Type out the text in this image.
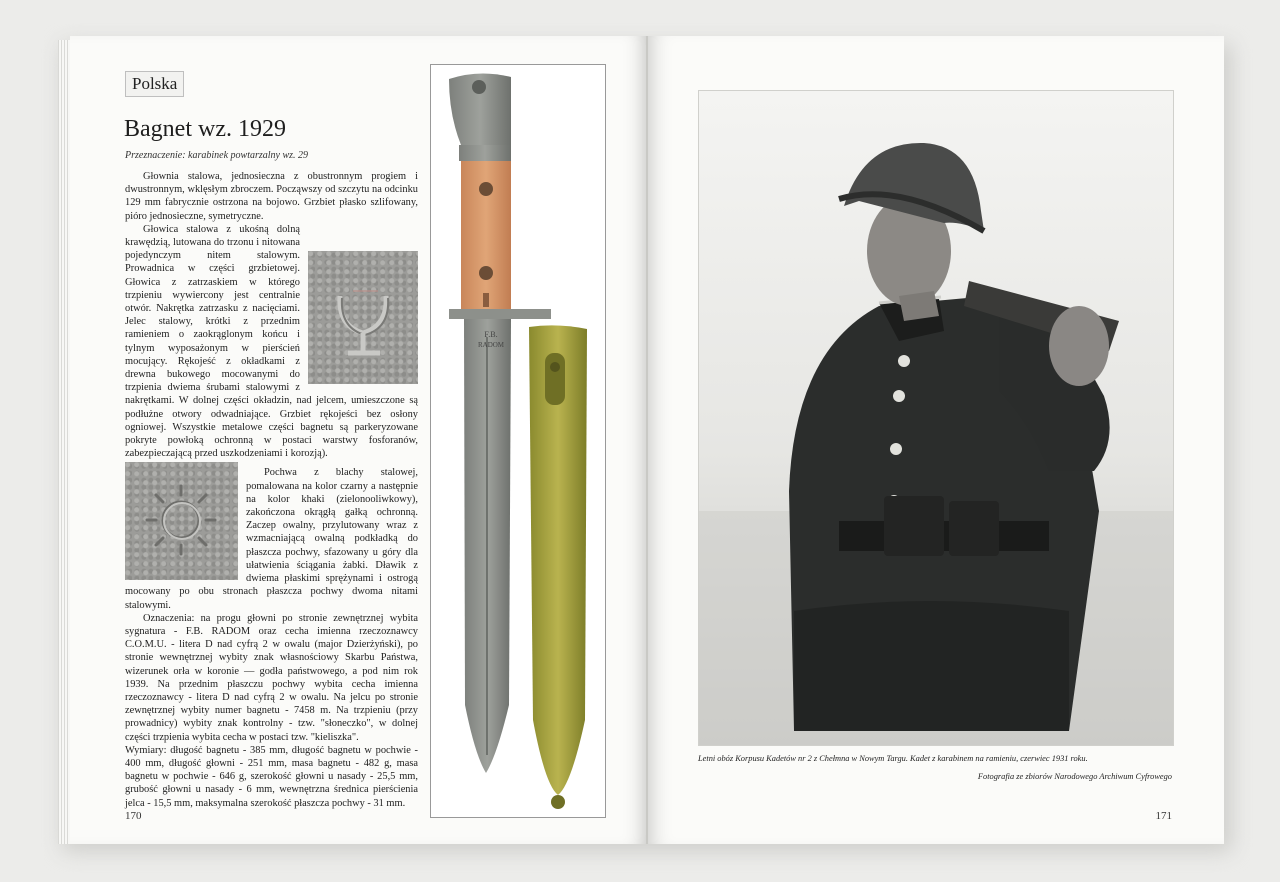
Polska
Bagnet wz. 1929
Przeznaczenie: karabinek powtarzalny wz. 29

Głownia stalowa, jednosieczna z obustronnym progiem i dwustronnym, wklęsłym zbroczem. Począwszy od szczytu na odcinku 129 mm fabrycznie ostrzona na bojowo. Grzbiet płasko szlifowany, pióro jednosieczne, symetryczne.

Głowica stalowa z ukośną dolną krawędzią, lutowana do trzonu i nitowana pojedynczym nitem stalowym. Prowadnica w części grzbietowej. Głowica z zatrzaskiem w którego trzpieniu wywiercony jest centralnie otwór. Nakrętka zatrzasku z nacięciami. Jelec stalowy, krótki z przednim ramieniem o zaokrąglonym końcu i tylnym wyposażonym w pierścień mocujący. Rękojeść z okładkami z drewna bukowego mocowanymi do trzpienia dwiema śrubami stalowymi z nakrętkami. W dolnej części okładzin, nad jelcem, umieszczone są podłużne otwory odwadniające. Grzbiet rękojeści bez osłony ogniowej. Wszystkie metalowe części bagnetu są parkeryzowane pokryte powłoką ochronną w postaci warstwy fosforanów, zabezpieczającą przed uszkodzeniami i korozją).

Pochwa z blachy stalowej, pomalowana na kolor czarny a następnie na kolor khaki (zielonooliwkowy), zakończona okrągłą gałką ochronną. Zaczep owalny, przylutowany wraz z wzmacniającą owalną podkładką do płaszcza pochwy, sfazowany u góry dla ułatwienia ściągania żabki. Dławik z dwiema płaskimi sprężynami i ostrogą mocowany po obu stronach płaszcza pochwy dwoma nitami stalowymi.

Oznaczenia: na progu głowni po stronie zewnętrznej wybita sygnatura - F.B. RADOM oraz cecha imienna rzeczoznawcy C.O.M.U. - litera D nad cyfrą 2 w owalu (major Dzierżyński), po stronie wewnętrznej wybity znak własnościowy Skarbu Państwa, wizerunek orła w koronie — godła państwowego, a pod nim rok 1939. Na przednim płaszczu pochwy wybita cecha imienna rzeczoznawcy - litera D nad cyfrą 2 w owalu. Na jelcu po stronie zewnętrznej wybity numer bagnetu - 7458 m. Na trzpieniu (przy prowadnicy) wybity znak kontrolny - tzw. "słoneczko", w dolnej części trzpienia wybita cecha w postaci tzw. "kieliszka".

Wymiary: długość bagnetu - 385 mm, długość bagnetu w pochwie - 400 mm, długość głowni - 251 mm, masa bagnetu - 482 g, masa bagnetu w pochwie - 646 g, szerokość głowni u nasady - 25,5 mm, grubość głowni u nasady - 6 mm, wewnętrzna średnica pierścienia jelca - 15,5 mm, maksymalna szerokość płaszcza pochwy - 31 mm.

F.B.
RADOM
170
Letni obóz Korpusu Kadetów nr 2 z Chełmna w Nowym Targu. Kadet z karabinem na ramieniu, czerwiec 1931 roku.
Fotografia ze zbiorów Narodowego Archiwum Cyfrowego
171
